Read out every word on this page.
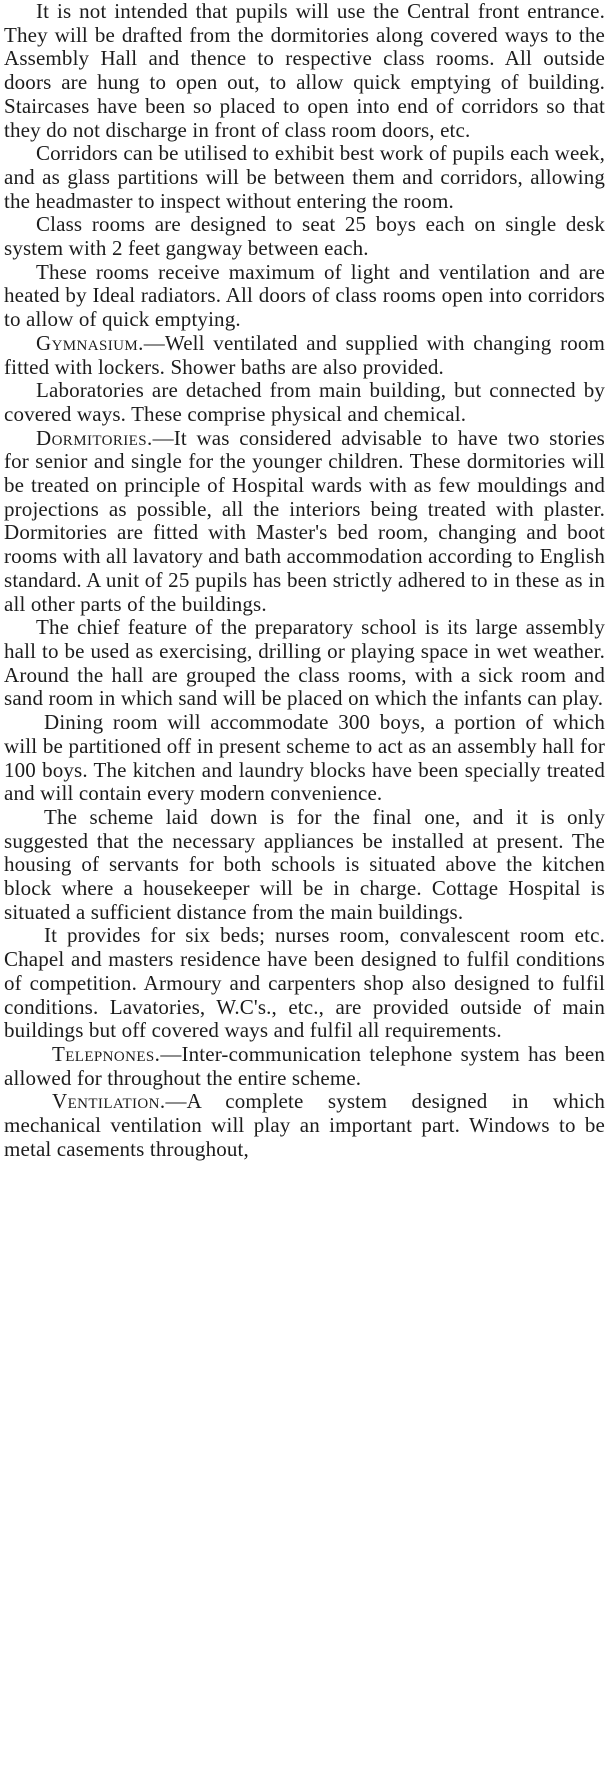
It is not intended that pupils will use the Central front entrance. They will be drafted from the dormitories along covered ways to the Assembly Hall and thence to respective class rooms. All outside doors are hung to open out, to allow quick emptying of building. Staircases have been so placed to open into end of corridors so that they do not discharge in front of class room doors, etc.

Corridors can be utilised to exhibit best work of pupils each week, and as glass partitions will be between them and corridors, allowing the headmaster to inspect without entering the room.

Class rooms are designed to seat 25 boys each on single desk system with 2 feet gangway between each.

These rooms receive maximum of light and ventilation and are heated by Ideal radiators. All doors of class rooms open into corridors to allow of quick emptying.

Gymnasium.—Well ventilated and supplied with changing room fitted with lockers. Shower baths are also provided.

Laboratories are detached from main building, but connected by covered ways. These comprise physical and chemical.

Dormitories.—It was considered advisable to have two stories for senior and single for the younger children. These dormitories will be treated on principle of Hospital wards with as few mouldings and projections as possible, all the interiors being treated with plaster. Dormitories are fitted with Master's bed room, changing and boot rooms with all lavatory and bath accommodation according to English standard. A unit of 25 pupils has been strictly adhered to in these as in all other parts of the buildings.

The chief feature of the preparatory school is its large assembly hall to be used as exercising, drilling or playing space in wet weather. Around the hall are grouped the class rooms, with a sick room and sand room in which sand will be placed on which the infants can play.

Dining room will accommodate 300 boys, a portion of which will be partitioned off in present scheme to act as an assembly hall for 100 boys. The kitchen and laundry blocks have been specially treated and will contain every modern convenience.

The scheme laid down is for the final one, and it is only suggested that the necessary appliances be installed at present. The housing of servants for both schools is situated above the kitchen block where a housekeeper will be in charge. Cottage Hospital is situated a sufficient distance from the main buildings.

It provides for six beds; nurses room, convalescent room etc. Chapel and masters residence have been designed to fulfil conditions of competition. Armoury and carpenters shop also designed to fulfil conditions. Lavatories, W.C's., etc., are provided outside of main buildings but off covered ways and fulfil all requirements.

Telepnones.—Inter-communication telephone system has been allowed for throughout the entire scheme.

Ventilation.—A complete system designed in which mechanical ventilation will play an important part. Windows to be metal casements throughout,
